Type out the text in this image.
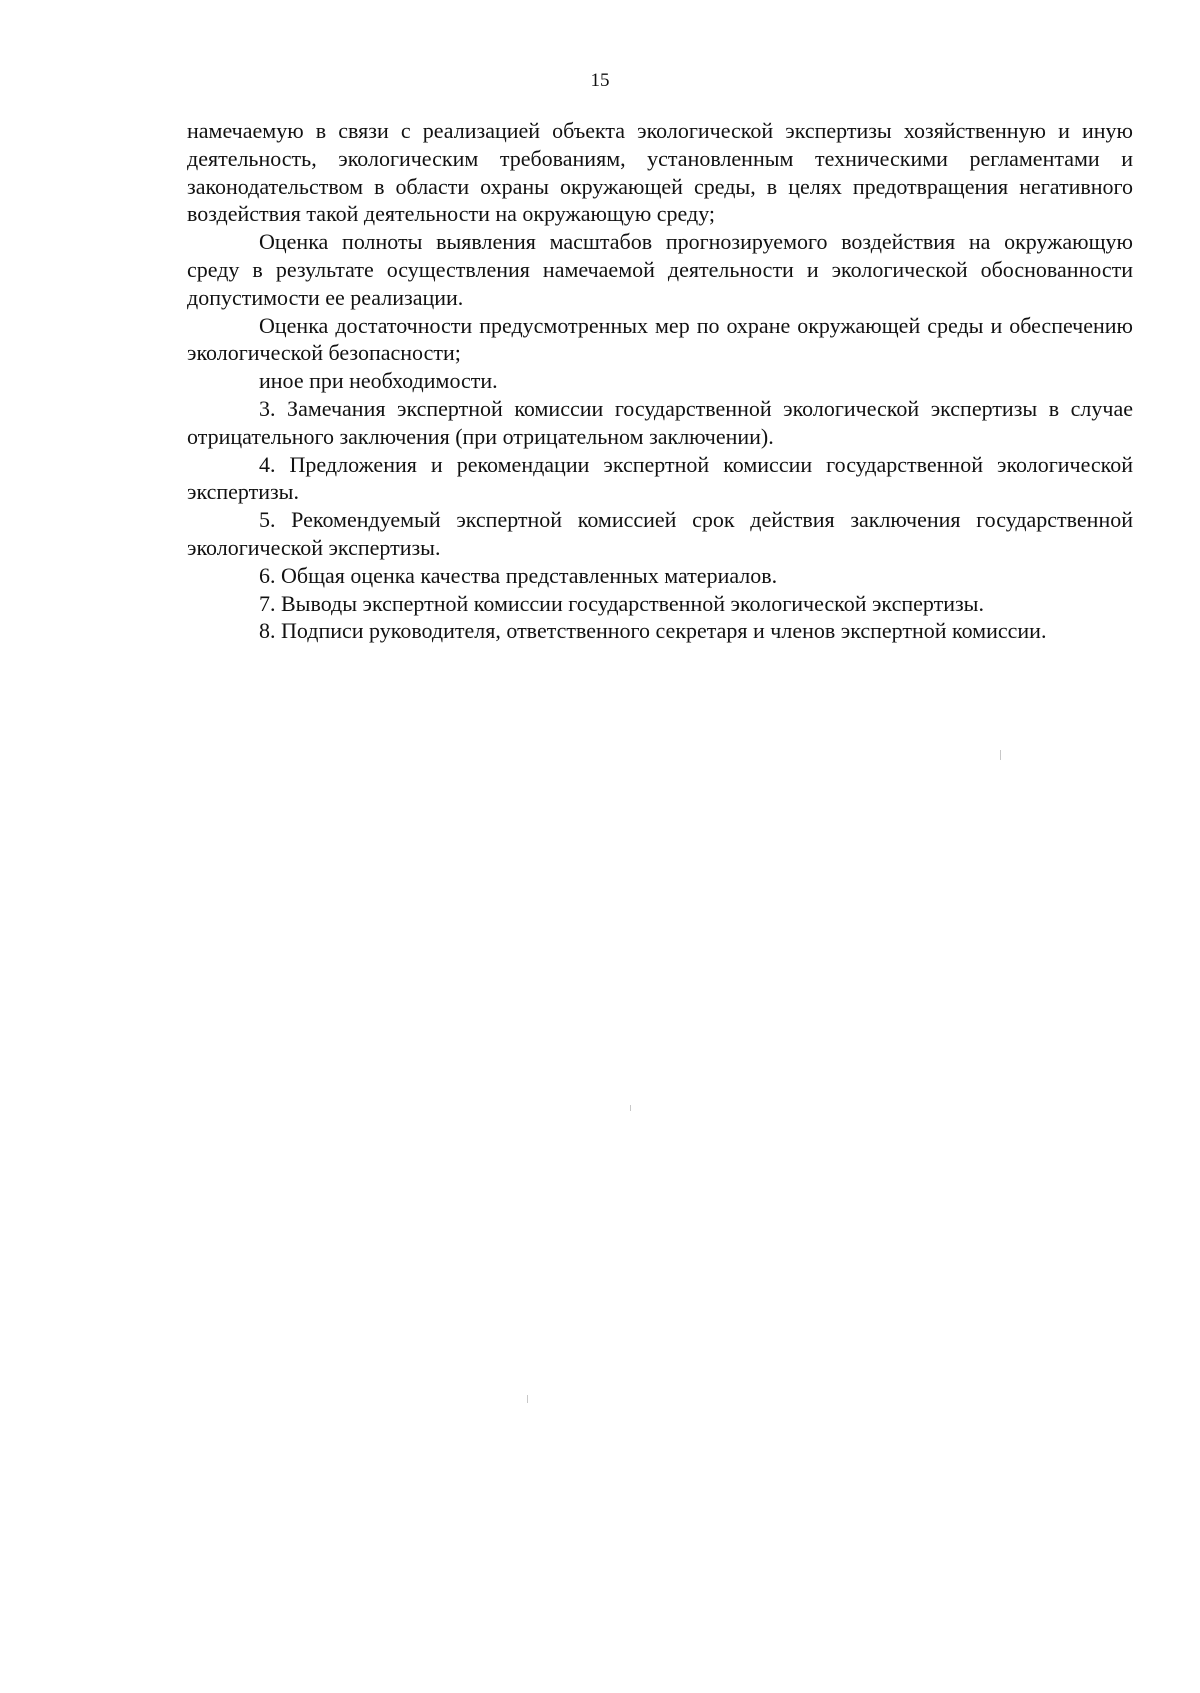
15

намечаемую в связи с реализацией объекта экологической экспертизы хозяйственную и иную деятельность, экологическим требованиям, установленным техническими регламентами и законодательством в области охраны окружающей среды, в целях предотвращения негативного воздействия такой деятельности на окружающую среду;

Оценка полноты выявления масштабов прогнозируемого воздействия на окружающую среду в результате осуществления намечаемой деятельности и экологической обоснованности допустимости ее реализации.

Оценка достаточности предусмотренных мер по охране окружающей среды и обеспечению экологической безопасности;

иное при необходимости.

3. Замечания экспертной комиссии государственной экологической экспертизы в случае отрицательного заключения (при отрицательном заключении).

4. Предложения и рекомендации экспертной комиссии государственной экологической экспертизы.

5. Рекомендуемый экспертной комиссией срок действия заключения государственной экологической экспертизы.

6. Общая оценка качества представленных материалов.

7. Выводы экспертной комиссии государственной экологической экспертизы.

8. Подписи руководителя, ответственного секретаря и членов экспертной комиссии.
